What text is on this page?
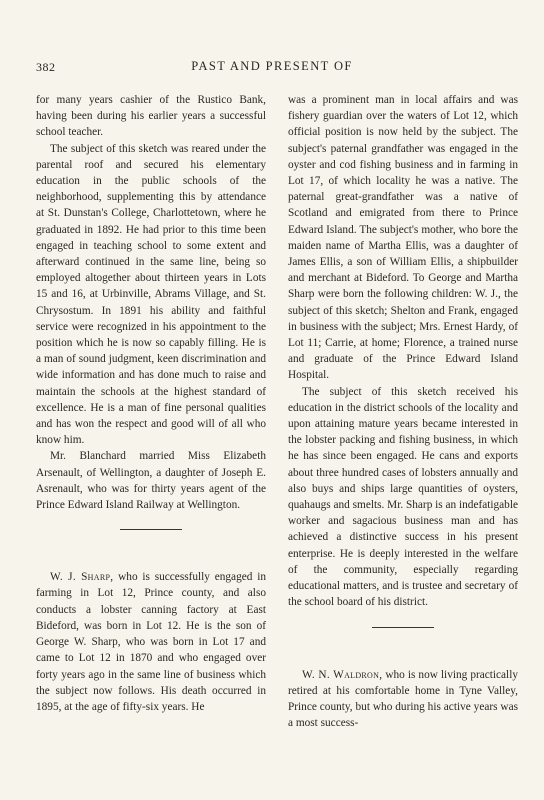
382	PAST AND PRESENT OF

for many years cashier of the Rustico Bank, having been during his earlier years a successful school teacher.

The subject of this sketch was reared under the parental roof and secured his elementary education in the public schools of the neighborhood, supplementing this by attendance at St. Dunstan's College, Charlottetown, where he graduated in 1892. He had prior to this time been engaged in teaching school to some extent and afterward continued in the same line, being so employed altogether about thirteen years in Lots 15 and 16, at Urbinville, Abrams Village, and St. Chrysostum. In 1891 his ability and faithful service were recognized in his appointment to the position which he is now so capably filling. He is a man of sound judgment, keen discrimination and wide information and has done much to raise and maintain the schools at the highest standard of excellence. He is a man of fine personal qualities and has won the respect and good will of all who know him.

Mr. Blanchard married Miss Elizabeth Arsenault, of Wellington, a daughter of Joseph E. Asrenault, who was for thirty years agent of the Prince Edward Island Railway at Wellington.

W. J. Sharp, who is successfully engaged in farming in Lot 12, Prince county, and also conducts a lobster canning factory at East Bideford, was born in Lot 12. He is the son of George W. Sharp, who was born in Lot 17 and came to Lot 12 in 1870 and who engaged over forty years ago in the same line of business which the subject now follows. His death occurred in 1895, at the age of fifty-six years. He

was a prominent man in local affairs and was fishery guardian over the waters of Lot 12, which official position is now held by the subject. The subject's paternal grandfather was engaged in the oyster and cod fishing business and in farming in Lot 17, of which locality he was a native. The paternal great-grandfather was a native of Scotland and emigrated from there to Prince Edward Island. The subject's mother, who bore the maiden name of Martha Ellis, was a daughter of James Ellis, a son of William Ellis, a shipbuilder and merchant at Bideford. To George and Martha Sharp were born the following children: W. J., the subject of this sketch; Shelton and Frank, engaged in business with the subject; Mrs. Ernest Hardy, of Lot 11; Carrie, at home; Florence, a trained nurse and graduate of the Prince Edward Island Hospital.

The subject of this sketch received his education in the district schools of the locality and upon attaining mature years became interested in the lobster packing and fishing business, in which he has since been engaged. He cans and exports about three hundred cases of lobsters annually and also buys and ships large quantities of oysters, quahaugs and smelts. Mr. Sharp is an indefatigable worker and sagacious business man and has achieved a distinctive success in his present enterprise. He is deeply interested in the welfare of the community, especially regarding educational matters, and is trustee and secretary of the school board of his district.

W. N. Waldron, who is now living practically retired at his comfortable home in Tyne Valley, Prince county, but who during his active years was a most success-
